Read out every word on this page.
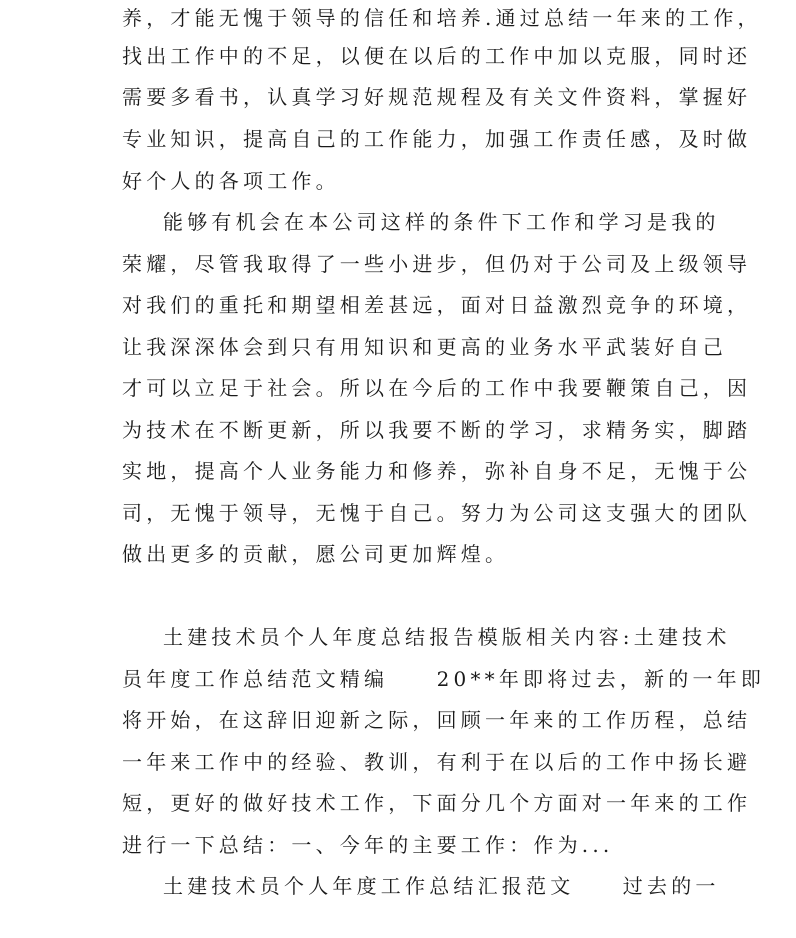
养，才能无愧于领导的信任和培养.通过总结一年来的工作，
找出工作中的不足，以便在以后的工作中加以克服，同时还
需要多看书，认真学习好规范规程及有关文件资料，掌握好
专业知识，提高自己的工作能力，加强工作责任感，及时做
好个人的各项工作。
能够有机会在本公司这样的条件下工作和学习是我的
荣耀，尽管我取得了一些小进步，但仍对于公司及上级领导
对我们的重托和期望相差甚远，面对日益激烈竞争的环境，
让我深深体会到只有用知识和更高的业务水平武装好自己
才可以立足于社会。所以在今后的工作中我要鞭策自己，因
为技术在不断更新，所以我要不断的学习，求精务实，脚踏
实地，提高个人业务能力和修养，弥补自身不足，无愧于公
司，无愧于领导，无愧于自己。努力为公司这支强大的团队
做出更多的贡献，愿公司更加辉煌。
土建技术员个人年度总结报告模版相关内容:土建技术
员年度工作总结范文精编　　20**年即将过去，新的一年即
将开始，在这辞旧迎新之际，回顾一年来的工作历程，总结
一年来工作中的经验、教训，有利于在以后的工作中扬长避
短，更好的做好技术工作，下面分几个方面对一年来的工作
进行一下总结：一、今年的主要工作：作为...
土建技术员个人年度工作总结汇报范文　　过去的一
